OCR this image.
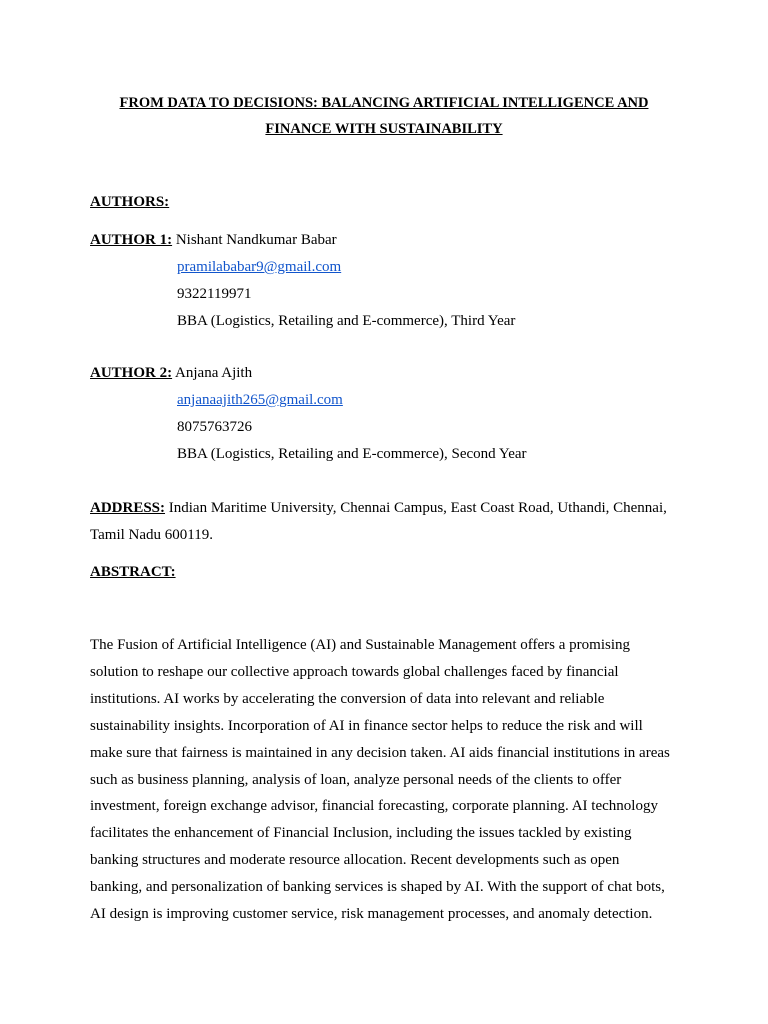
FROM DATA TO DECISIONS: BALANCING ARTIFICIAL INTELLIGENCE AND
FINANCE WITH SUSTAINABILITY
AUTHORS:
AUTHOR 1: Nishant Nandkumar Babar
pramilababar9@gmail.com
9322119971
BBA (Logistics, Retailing and E-commerce), Third Year
AUTHOR 2: Anjana Ajith
anjanaajith265@gmail.com
8075763726
BBA (Logistics, Retailing and E-commerce), Second Year
ADDRESS: Indian Maritime University, Chennai Campus, East Coast Road, Uthandi, Chennai,
Tamil Nadu 600119.
ABSTRACT:
The Fusion of Artificial Intelligence (AI) and Sustainable Management offers a promising
solution to reshape our collective approach towards global challenges faced by financial
institutions. AI works by accelerating the conversion of data into relevant and reliable
sustainability insights. Incorporation of AI in finance sector helps to reduce the risk and will
make sure that fairness is maintained in any decision taken. AI aids financial institutions in areas
such as business planning, analysis of loan, analyze personal needs of the clients to offer
investment, foreign exchange advisor, financial forecasting, corporate planning. AI technology
facilitates the enhancement of Financial Inclusion, including the issues tackled by existing
banking structures and moderate resource allocation. Recent developments such as open
banking, and personalization of banking services is shaped by AI. With the support of chat bots,
AI design is improving customer service, risk management processes, and anomaly detection.
